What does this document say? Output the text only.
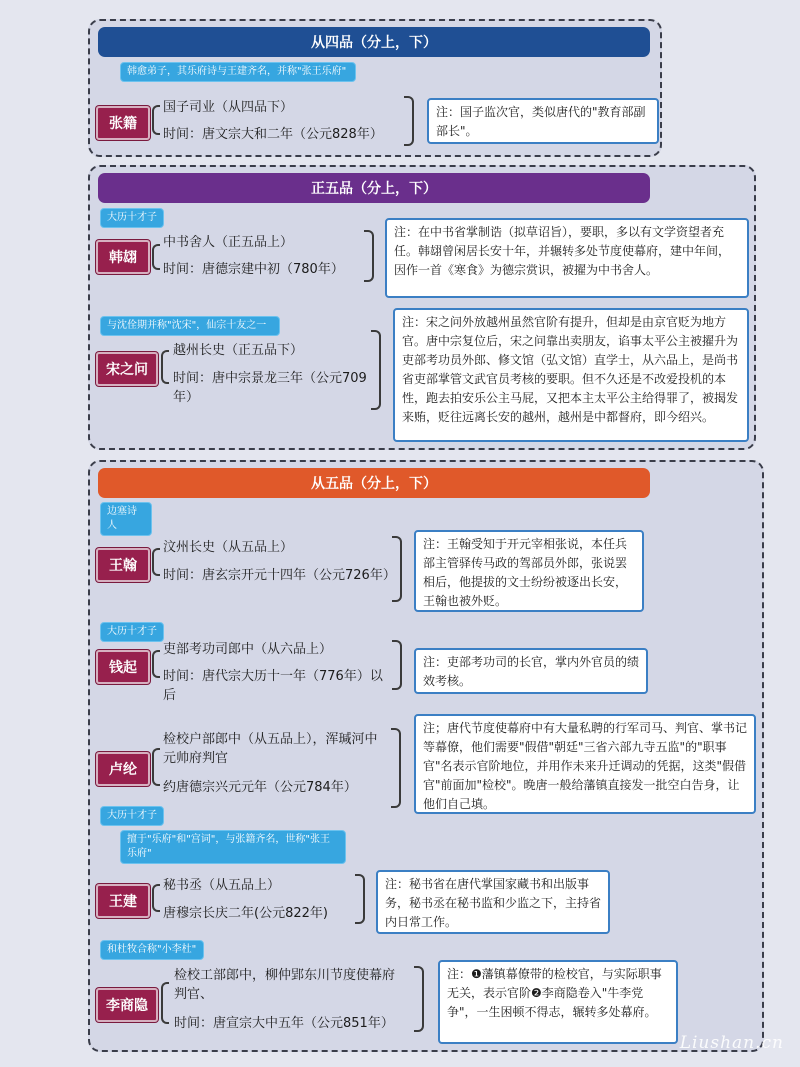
从四品（分上，下）
韩愈弟子，其乐府诗与王建齐名，并称"张王乐府"
张籍
国子司业（从四品下）
时间：唐文宗大和二年（公元828年）
注：国子监次官，类似唐代的"教育部副部长"。
正五品（分上，下）
大历十才子
韩翃
中书舍人（正五品上）
时间：唐德宗建中初（780年）
注：在中书省掌制诰（拟草诏旨），要职，多以有文学资望者充任。韩翃曾闲居长安十年，并辗转多处节度使幕府，建中年间，因作一首《寒食》为德宗赏识，被擢为中书舍人。
与沈佺期并称"沈宋"，仙宗十友之一
宋之问
越州长史（正五品下）
时间：唐中宗景龙三年（公元709年）
注：宋之问外放越州虽然官阶有提升，但却是由京官贬为地方官。唐中宗复位后，宋之问靠出卖朋友，谄事太平公主被擢升为吏部考功员外郎、修文馆（弘文馆）直学士，从六品上，是尚书省吏部掌管文武官员考核的要职。但不久还是不改爱投机的本性，跑去拍安乐公主马屁，又把本主太平公主给得罪了，被揭发来贿，贬往远离长安的越州，越州是中都督府，即今绍兴。
从五品（分上，下）
边塞诗人
王翰
汶州长史（从五品上）
时间：唐玄宗开元十四年（公元726年）
注：王翰受知于开元宰相张说，本任兵部主管驿传马政的驾部员外郎，张说罢相后，他提拔的文士纷纷被逐出长安，王翰也被外贬。
大历十才子
钱起
吏部考功司郎中（从六品上）
时间：唐代宗大历十一年（776年）以后
注：吏部考功司的长官，掌内外官员的绩效考核。
卢纶
大历十才子
检校户部郎中（从五品上），浑瑊河中元帅府判官
约唐德宗兴元元年（公元784年）
注；唐代节度使幕府中有大量私聘的行军司马、判官、掌书记等幕僚，他们需要"假借"朝廷"三省六部九寺五监"的"职事官"名表示官阶地位，并用作未来升迁调动的凭据，这类"假借官"前面加"检校"。晚唐一般给藩镇直接发一批空白告身，让他们自己填。
擅于"乐府"和"宫词"，与张籍齐名，世称"张王乐府"
王建
秘书丞（从五品上）
唐穆宗长庆二年(公元822年)
注：秘书省在唐代掌国家藏书和出版事务，秘书丞在秘书监和少监之下，主持省内日常工作。
和杜牧合称"小李杜"
李商隐
检校工部郎中，柳仲郢东川节度使幕府判官、
时间：唐宣宗大中五年（公元851年）
注：❶藩镇幕僚带的检校官，与实际职事无关，表示官阶❷李商隐卷入"牛李党争"，一生困顿不得志，辗转多处幕府。
Liushan.cn
